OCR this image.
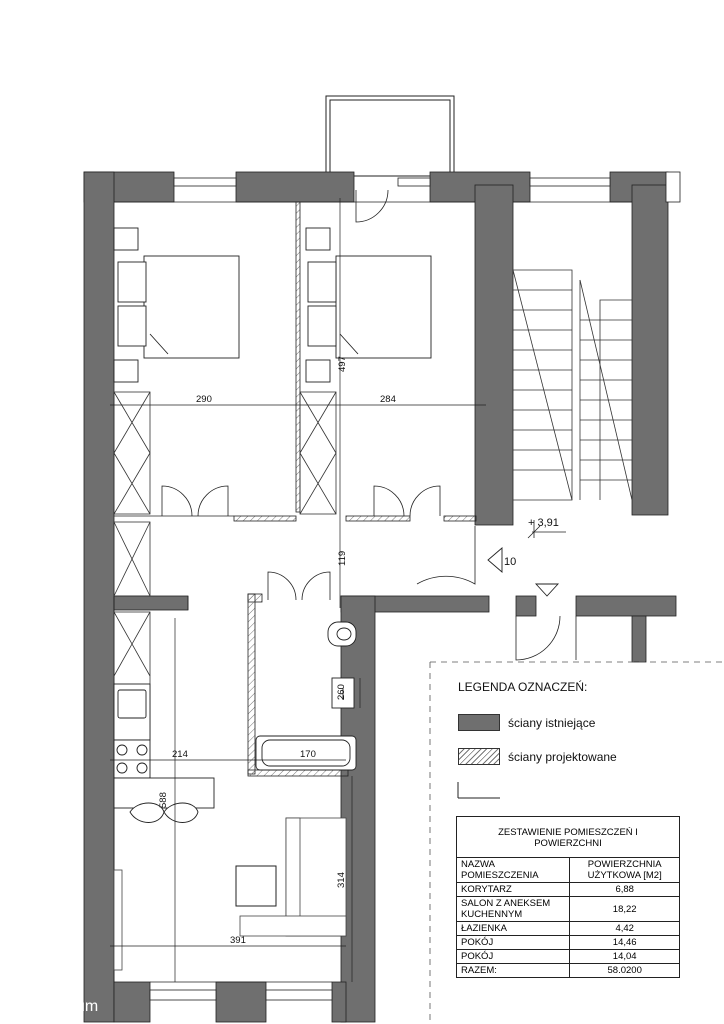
290	284
497
119
214	170
260
588
314
391
+ 3,91
10
LEGENDA OZNACZEŃ:
ściany istniejące
ściany projektowane
ZESTAWIENIE POMIESZCZEŃ I POWIERZCHNI	
NAZWA POMIESZCZENIA	POWIERZCHNIA UŻYTKOWA [M2]
KORYTARZ	6,88
SALON Z ANEKSEM KUCHENNYM	18,22
ŁAZIENKA	4,42
POKÓJ	14,46
POKÓJ	14,04
RAZEM:	58.0200
um
